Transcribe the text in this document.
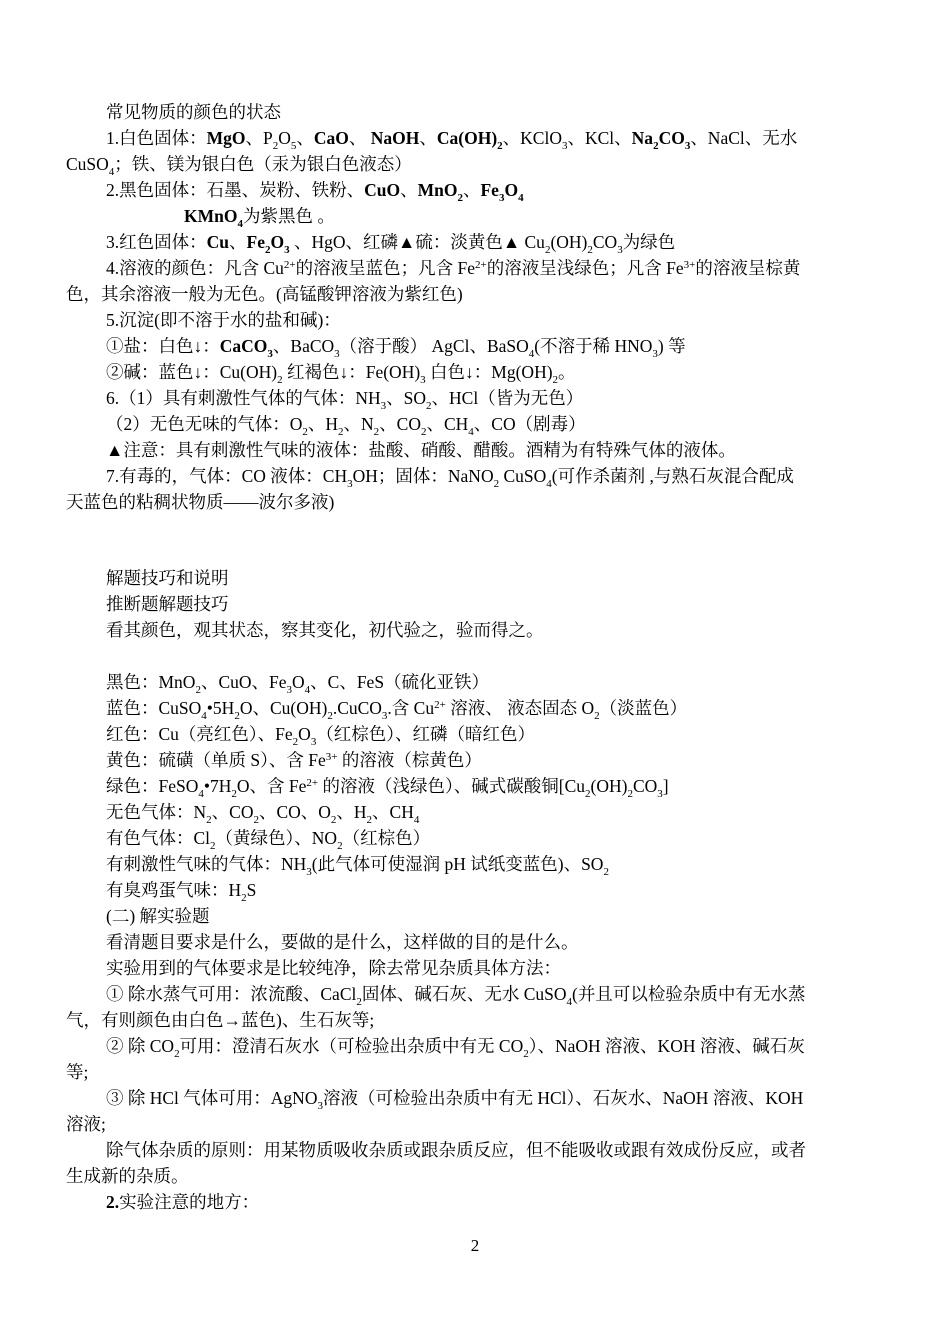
常见物质的颜色的状态
1.白色固体：MgO、$P_2O_5$、CaO、 NaOH、$Ca(OH)_2$、KClO$_3$、KCl、$Na_2CO_3$、NaCl、无水
CuSO$_4$；铁、镁为银白色（汞为银白色液态）
2.黑色固体：石墨、炭粉、铁粉、CuO、MnO$_2$、$Fe_3O_4$
KMnO$_4$为紫黑色 。
3.红色固体：Cu、$Fe_2O_3$ 、HgO、红磷▲硫：淡黄色▲ $Cu_2(OH)_2CO_3$为绿色
4.溶液的颜色：凡含 $Cu^{2+}$的溶液呈蓝色；凡含 $Fe^{2+}$的溶液呈浅绿色；凡含 $Fe^{3+}$的溶液呈棕黄
色，其余溶液一般为无色。(高锰酸钾溶液为紫红色)
5.沉淀(即不溶于水的盐和碱)：
①盐：白色↓：CaCO$_3$、BaCO$_3$（溶于酸） AgCl、BaSO$_4$(不溶于稀 $HNO_3$) 等
②碱：蓝色↓：$Cu(OH)_2$ 红褐色↓：$Fe(OH)_3$ 白色↓：$Mg(OH)_2$。
6.（1）具有刺激性气体的气体：$NH_3$、$SO_2$、HCl（皆为无色）
（2）无色无味的气体：$O_2$、$H_2$、$N_2$、$CO_2$、$CH_4$、CO（剧毒）
▲注意：具有刺激性气味的液体：盐酸、硝酸、醋酸。酒精为有特殊气体的液体。
7.有毒的，气体：CO 液体：$CH_3OH$；固体：NaNO$_2$ CuSO$_4$(可作杀菌剂 ,与熟石灰混合配成
天蓝色的粘稠状物质——波尔多液)
解题技巧和说明
推断题解题技巧
看其颜色，观其状态，察其变化，初代验之，验而得之。
黑色：MnO$_2$、CuO、$Fe_3O_4$、C、FeS（硫化亚铁）
蓝色：$CuSO_4•5H_2O$、$Cu(OH)_2.CuCO_3$.含 $Cu^{2+}$ 溶液、 液态固态 $O_2$（淡蓝色）
红色：Cu（亮红色）、$Fe_2O_3$（红棕色）、红磷（暗红色）
黄色：硫磺（单质 S）、含 $Fe^{3+}$ 的溶液（棕黄色）
绿色：$FeSO_4•7H_2O$、含 $Fe^{2+}$ 的溶液（浅绿色）、碱式碳酸铜$[Cu_2(OH)_2CO_3]$
无色气体：$N_2$、$CO_2$、CO、$O_2$、$H_2$、$CH_4$
有色气体：$Cl_2$（黄绿色）、$NO_2$（红棕色）
有刺激性气味的气体：$NH_3$(此气体可使湿润 pH 试纸变蓝色)、$SO_2$
有臭鸡蛋气味：$H_2S$
(二) 解实验题
看清题目要求是什么，要做的是什么，这样做的目的是什么。
实验用到的气体要求是比较纯净，除去常见杂质具体方法：
① 除水蒸气可用：浓流酸、CaCl$_2$固体、碱石灰、无水 CuSO$_4$(并且可以检验杂质中有无水蒸
气，有则颜色由白色→蓝色)、生石灰等;
② 除 $CO_2$可用：澄清石灰水（可检验出杂质中有无 $CO_2$）、NaOH 溶液、KOH 溶液、碱石灰
等;
③ 除 HCl 气体可用：AgNO$_3$溶液（可检验出杂质中有无 HCl）、石灰水、NaOH 溶液、KOH
溶液;
除气体杂质的原则：用某物质吸收杂质或跟杂质反应，但不能吸收或跟有效成份反应，或者
生成新的杂质。
2.实验注意的地方：
2
